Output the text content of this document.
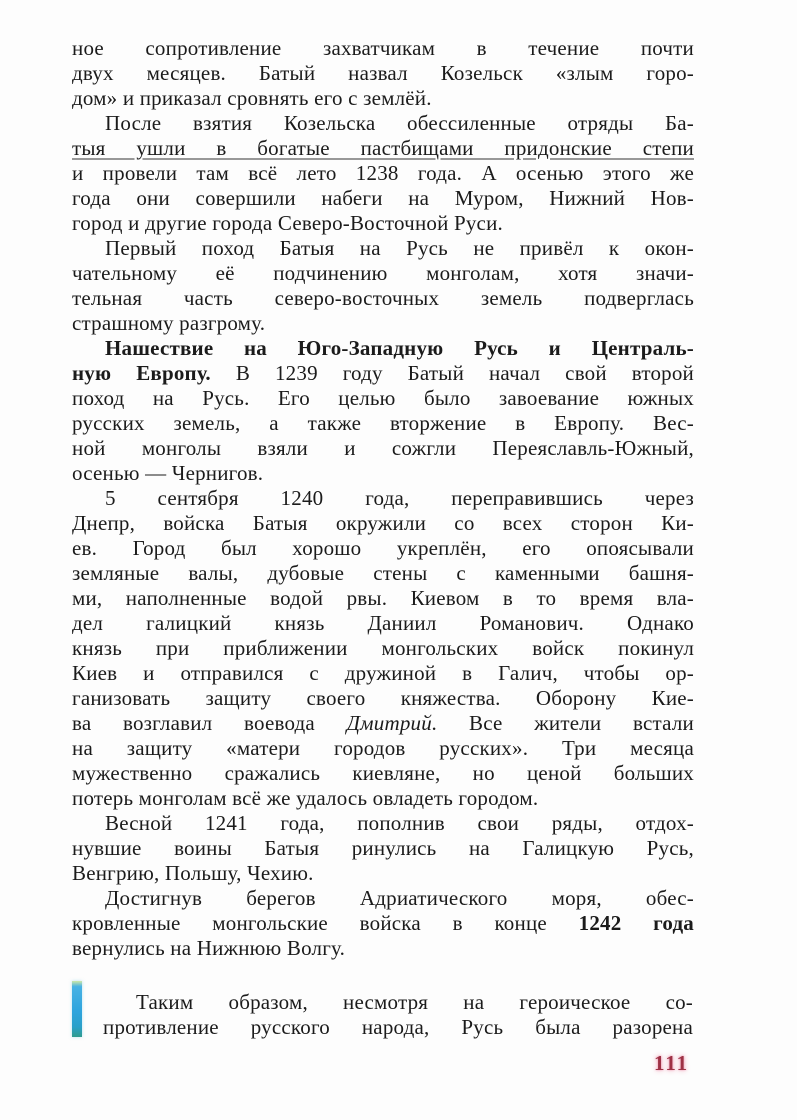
ное сопротивление захватчикам в течение почти
двух месяцев. Батый назвал Козельск «злым горо-
дом» и приказал сровнять его с землёй.
После взятия Козельска обессиленные отряды Ба-
тыя ушли в богатые пастбищами придонские степи
и провели там всё лето 1238 года. А осенью этого же
года они совершили набеги на Муром, Нижний Нов-
город и другие города Северо-Восточной Руси.
Первый поход Батыя на Русь не привёл к окон-
чательному её подчинению монголам, хотя значи-
тельная часть северо-восточных земель подверглась
страшному разгрому.
Нашествие на Юго-Западную Русь и Централь-
ную Европу. В 1239 году Батый начал свой второй
поход на Русь. Его целью было завоевание южных
русских земель, а также вторжение в Европу. Вес-
ной монголы взяли и сожгли Переяславль-Южный,
осенью — Чернигов.
5 сентября 1240 года, переправившись через
Днепр, войска Батыя окружили со всех сторон Ки-
ев. Город был хорошо укреплён, его опоясывали
земляные валы, дубовые стены с каменными башня-
ми, наполненные водой рвы. Киевом в то время вла-
дел галицкий князь Даниил Романович. Однако
князь при приближении монгольских войск покинул
Киев и отправился с дружиной в Галич, чтобы ор-
ганизовать защиту своего княжества. Оборону Кие-
ва возглавил воевода Дмитрий. Все жители встали
на защиту «матери городов русских». Три месяца
мужественно сражались киевляне, но ценой больших
потерь монголам всё же удалось овладеть городом.
Весной 1241 года, пополнив свои ряды, отдох-
нувшие воины Батыя ринулись на Галицкую Русь,
Венгрию, Польшу, Чехию.
Достигнув берегов Адриатического моря, обес-
кровленные монгольские войска в конце 1242 года
вернулись на Нижнюю Волгу.
Таким образом, несмотря на героическое со-
противление русского народа, Русь была разорена
111
